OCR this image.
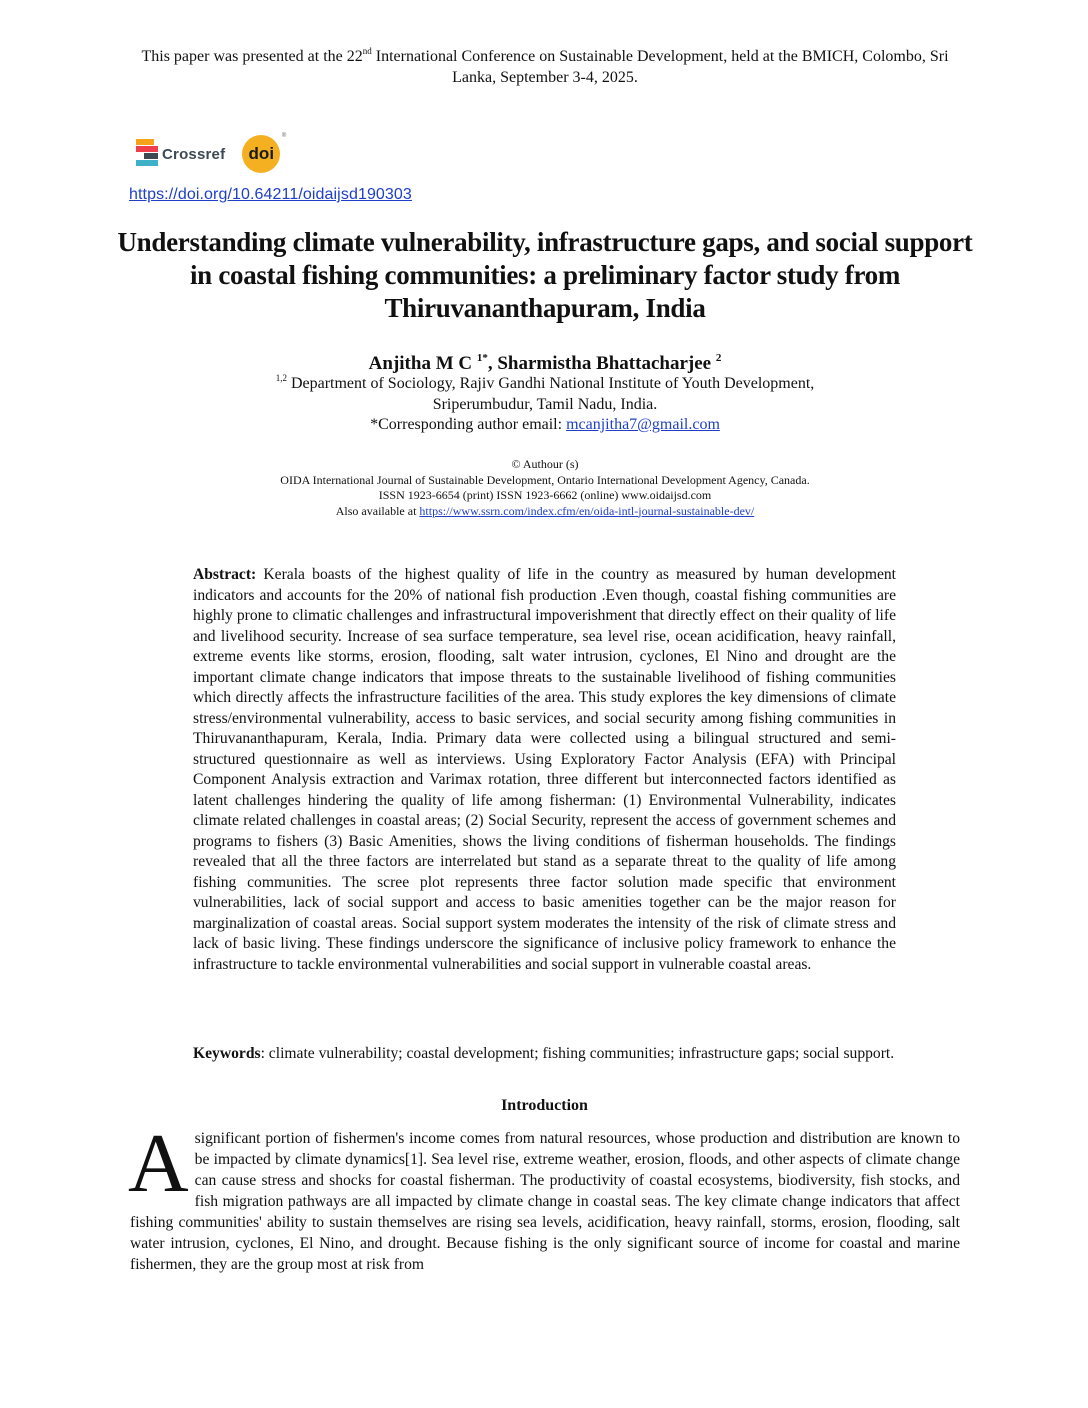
This paper was presented at the 22nd International Conference on Sustainable Development, held at the BMICH, Colombo, Sri Lanka, September 3-4, 2025.
Crossref doi
®
https://doi.org/10.64211/oidaijsd190303
Understanding climate vulnerability, infrastructure gaps, and social support in coastal fishing communities: a preliminary factor study from Thiruvananthapuram, India
Anjitha M C $^{1*}$, Sharmistha Bhattacharjee $^2$
$^{1,2}$ Department of Sociology, Rajiv Gandhi National Institute of Youth Development,
Sriperumbudur, Tamil Nadu, India.
*Corresponding author email: mcanjitha7@gmail.com
© Authour (s)
OIDA International Journal of Sustainable Development, Ontario International Development Agency, Canada.
ISSN 1923-6654 (print) ISSN 1923-6662 (online) www.oidaijsd.com
Also available at https://www.ssrn.com/index.cfm/en/oida-intl-journal-sustainable-dev/
Abstract: Kerala boasts of the highest quality of life in the country as measured by human development indicators and accounts for the 20% of national fish production .Even though, coastal fishing communities are highly prone to climatic challenges and infrastructural impoverishment that directly effect on their quality of life and livelihood security. Increase of sea surface temperature, sea level rise, ocean acidification, heavy rainfall, extreme events like storms, erosion, flooding, salt water intrusion, cyclones, El Nino and drought are the important climate change indicators that impose threats to the sustainable livelihood of fishing communities which directly affects the infrastructure facilities of the area. This study explores the key dimensions of climate stress/environmental vulnerability, access to basic services, and social security among fishing communities in Thiruvananthapuram, Kerala, India. Primary data were collected using a bilingual structured and semi-structured questionnaire as well as interviews. Using Exploratory Factor Analysis (EFA) with Principal Component Analysis extraction and Varimax rotation, three different but interconnected factors identified as latent challenges hindering the quality of life among fisherman: (1) Environmental Vulnerability, indicates climate related challenges in coastal areas; (2) Social Security, represent the access of government schemes and programs to fishers (3) Basic Amenities, shows the living conditions of fisherman households. The findings revealed that all the three factors are interrelated but stand as a separate threat to the quality of life among fishing communities. The scree plot represents three factor solution made specific that environment vulnerabilities, lack of social support and access to basic amenities together can be the major reason for marginalization of coastal areas. Social support system moderates the intensity of the risk of climate stress and lack of basic living. These findings underscore the significance of inclusive policy framework to enhance the infrastructure to tackle environmental vulnerabilities and social support in vulnerable coastal areas.
Keywords: climate vulnerability; coastal development; fishing communities; infrastructure gaps; social support.
Introduction
Asignificant portion of fishermen's income comes from natural resources, whose production and distribution are known to be impacted by climate dynamics[1]. Sea level rise, extreme weather, erosion, floods, and other aspects of climate change can cause stress and shocks for coastal fisherman. The productivity of coastal ecosystems, biodiversity, fish stocks, and fish migration pathways are all impacted by climate change in coastal seas. The key climate change indicators that affect fishing communities' ability to sustain themselves are rising sea levels, acidification, heavy rainfall, storms, erosion, flooding, salt water intrusion, cyclones, El Nino, and drought. Because fishing is the only significant source of income for coastal and marine fishermen, they are the group most at risk from
